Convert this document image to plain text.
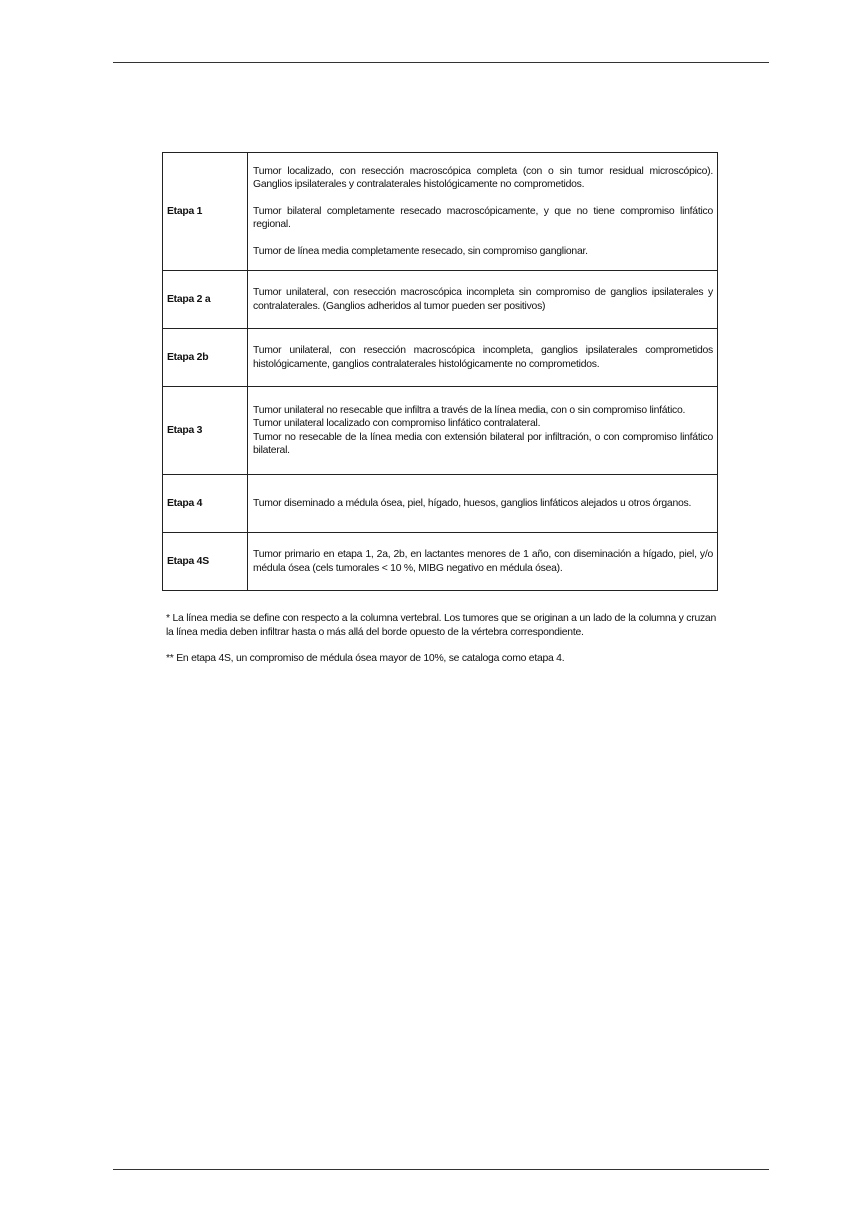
Etapa 1	Tumor localizado, con resección macroscópica completa (con o sin tumor residual microscópico). Ganglios ipsilaterales y contralaterales histológicamente no comprometidos.

Tumor bilateral completamente resecado macroscópicamente, y que no tiene compromiso linfático regional.

Tumor de línea media completamente resecado, sin compromiso ganglionar.

Etapa 2 a	Tumor unilateral, con resección macroscópica incompleta sin compromiso de ganglios ipsilaterales y contralaterales. (Ganglios adheridos al tumor pueden ser positivos)

Etapa 2b	Tumor unilateral, con resección macroscópica incompleta, ganglios ipsilaterales comprometidos histológicamente, ganglios contralaterales histológicamente no comprometidos.

Etapa 3	Tumor unilateral no resecable que infiltra a través de la línea media, con o sin compromiso linfático.

Tumor unilateral localizado con compromiso linfático contralateral.

Tumor no resecable de la línea media con extensión bilateral por infiltración, o con compromiso linfático bilateral.

Etapa 4	Tumor diseminado a médula ósea, piel, hígado, huesos, ganglios linfáticos alejados u otros órganos.

Etapa 4S	Tumor primario en etapa 1, 2a, 2b, en lactantes menores de 1 año, con diseminación a hígado, piel, y/o médula ósea (cels tumorales < 10 %, MIBG negativo en médula ósea).

* La línea media se define con respecto a la columna vertebral. Los tumores que se originan a un lado de la columna y cruzan la línea media deben infiltrar hasta o más allá del borde opuesto de la vértebra correspondiente.

** En etapa 4S, un compromiso de médula ósea mayor de 10%, se cataloga como etapa 4.
